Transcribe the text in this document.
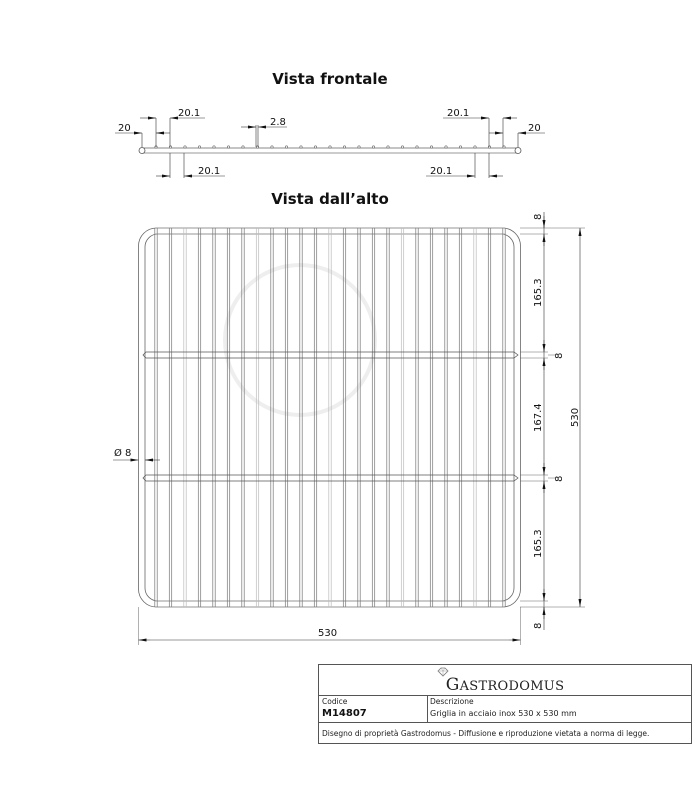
Vista frontale
Vista dall’alto
20
20.1
2.8
20.1
20
20.1
20.1
8
165.3
8
167.4
8
165.3
8
530
530
Ø 8
GASTRODOMUS
Codice
M14807
Descrizione
Griglia in acciaio inox 530 x 530 mm
Disegno di proprietà Gastrodomus - Diffusione e riproduzione vietata a norma di legge.
